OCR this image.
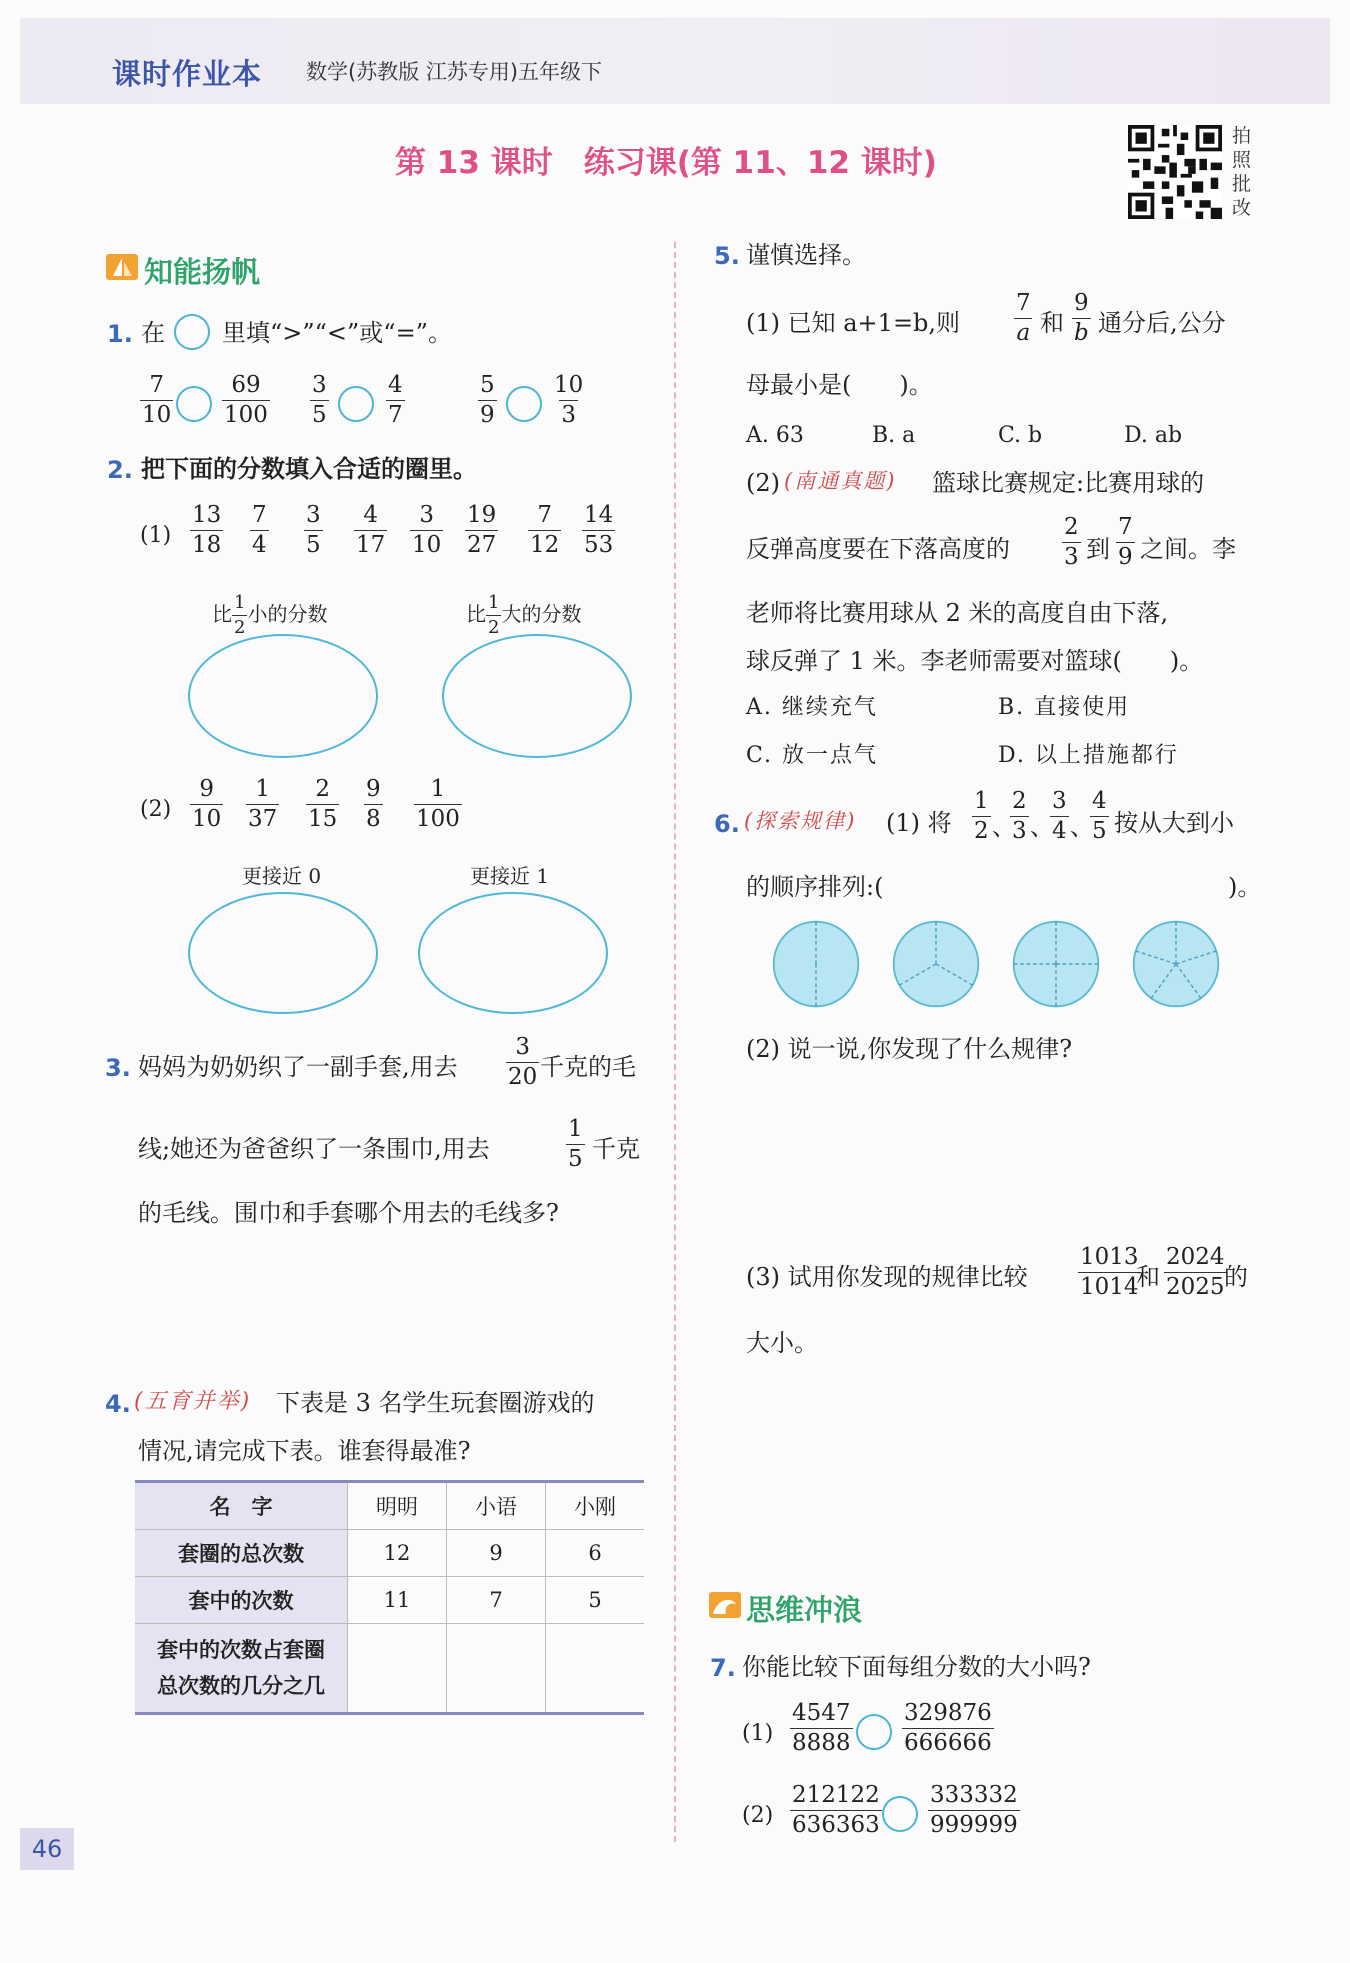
课时作业本 数学(苏教版 江苏专用)五年级下
第 13 课时　练习课(第 11、12 课时)
拍照批改
知能扬帆
1. 在 里填“>”“<”或“=”。
7
10
69
100
3
5
4
7
5
9
10
3
2. 把下面的分数填入合适的圈里。
(1)
13
18
7
4
3
5
4
17
3
10
19
27
7
12
14
53
比 $\frac{1}{2}$ 小的分数	比 $\frac{1}{2}$ 大的分数
(2)
9
10
1
37
2
15
9
8
1
100
更接近 0	更接近 1
3. 妈妈为奶奶织了一副手套,用去
3
20 千克的毛
线;她还为爸爸织了一条围巾,用去
1
5 千克
的毛线。围巾和手套哪个用去的毛线多?
4. (五育并举) 下表是 3 名学生玩套圈游戏的
情况,请完成下表。谁套得最准?
名　字	明明	小语	小刚
套圈的总次数	12	9	6
套中的次数	11	7	5

套中的次数占套圈
总次数的几分之几			

5. 谨慎选择。
(1) 已知 a+1=b,则
7
a 和
9
b 通分后,公分
母最小是(　　)。
A. 63	B. a	C. b	D. ab
(2) (南通真题) 篮球比赛规定:比赛用球的
反弹高度要在下落高度的
2
3 到
7
9 之间。李
老师将比赛用球从 2 米的高度自由下落,
球反弹了 1 米。李老师需要对篮球(　　)。
A. 继续充气	B. 直接使用
C. 放一点气	D. 以上措施都行
6. (探索规律) (1) 将
1
2 、
2
3 、
3
4 、
4
5 按从大到小
的顺序排列:(	)。
(2) 说一说,你发现了什么规律?
(3) 试用你发现的规律比较
1013
1014
和
2024
2025 的
大小。
思维冲浪
7. 你能比较下面每组分数的大小吗?
(1)
4547
8888
329876
666666
(2)
212122
636363
333332
999999
46
